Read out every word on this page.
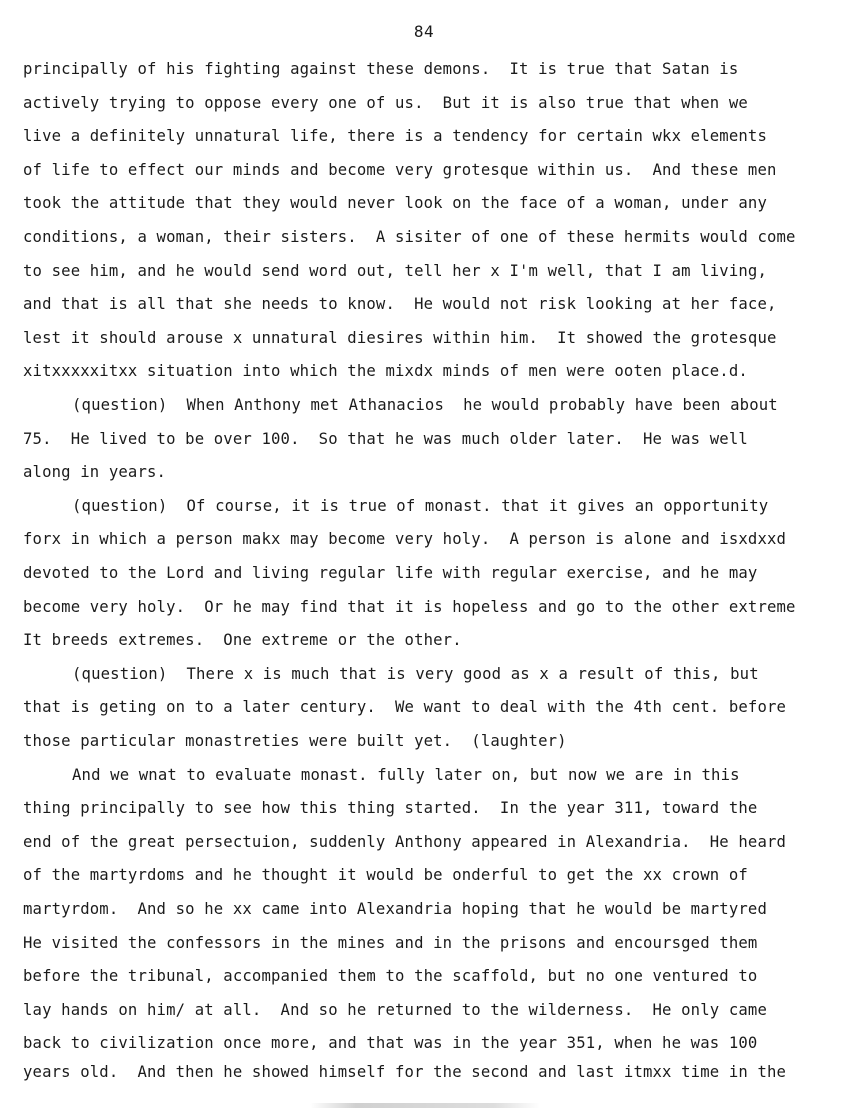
84
principally of his fighting against these demons.  It is true that Satan is
actively trying to oppose every one of us.  But it is also true that when we
live a definitely unnatural life, there is a tendency for certain wkx elements
of life to effect our minds and become very grotesque within us.  And these men
took the attitude that they would never look on the face of a woman, under any
conditions, a woman, their sisters.  A sisiter of one of these hermits would come
to see him, and he would send word out, tell her x I'm well, that I am living,
and that is all that she needs to know.  He would not risk looking at her face,
lest it should arouse x unnatural diesires within him.  It showed the grotesque
xitxxxxxitxx situation into which the mixdx minds of men were ooten place.d.
(question)  When Anthony met Athanacios  he would probably have been about
75.  He lived to be over 100.  So that he was much older later.  He was well
along in years.
(question)  Of course, it is true of monast. that it gives an opportunity
forx in which a person makx may become very holy.  A person is alone and isxdxxd
devoted to the Lord and living regular life with regular exercise, and he may
become very holy.  Or he may find that it is hopeless and go to the other extreme
It breeds extremes.  One extreme or the other.
(question)  There x is much that is very good as x a result of this, but
that is geting on to a later century.  We want to deal with the 4th cent. before
those particular monastreties were built yet.  (laughter)
And we wnat to evaluate monast. fully later on, but now we are in this
thing principally to see how this thing started.  In the year 311, toward the
end of the great persectuion, suddenly Anthony appeared in Alexandria.  He heard
of the martyrdoms and he thought it would be onderful to get the xx crown of
martyrdom.  And so he xx came into Alexandria hoping that he would be martyred
He visited the confessors in the mines and in the prisons and encoursged them
before the tribunal, accompanied them to the scaffold, but no one ventured to
lay hands on him/ at all.  And so he returned to the wilderness.  He only came
back to civilization once more, and that was in the year 351, when he was 100
years old.  And then he showed himself for the second and last itmxx time in the
